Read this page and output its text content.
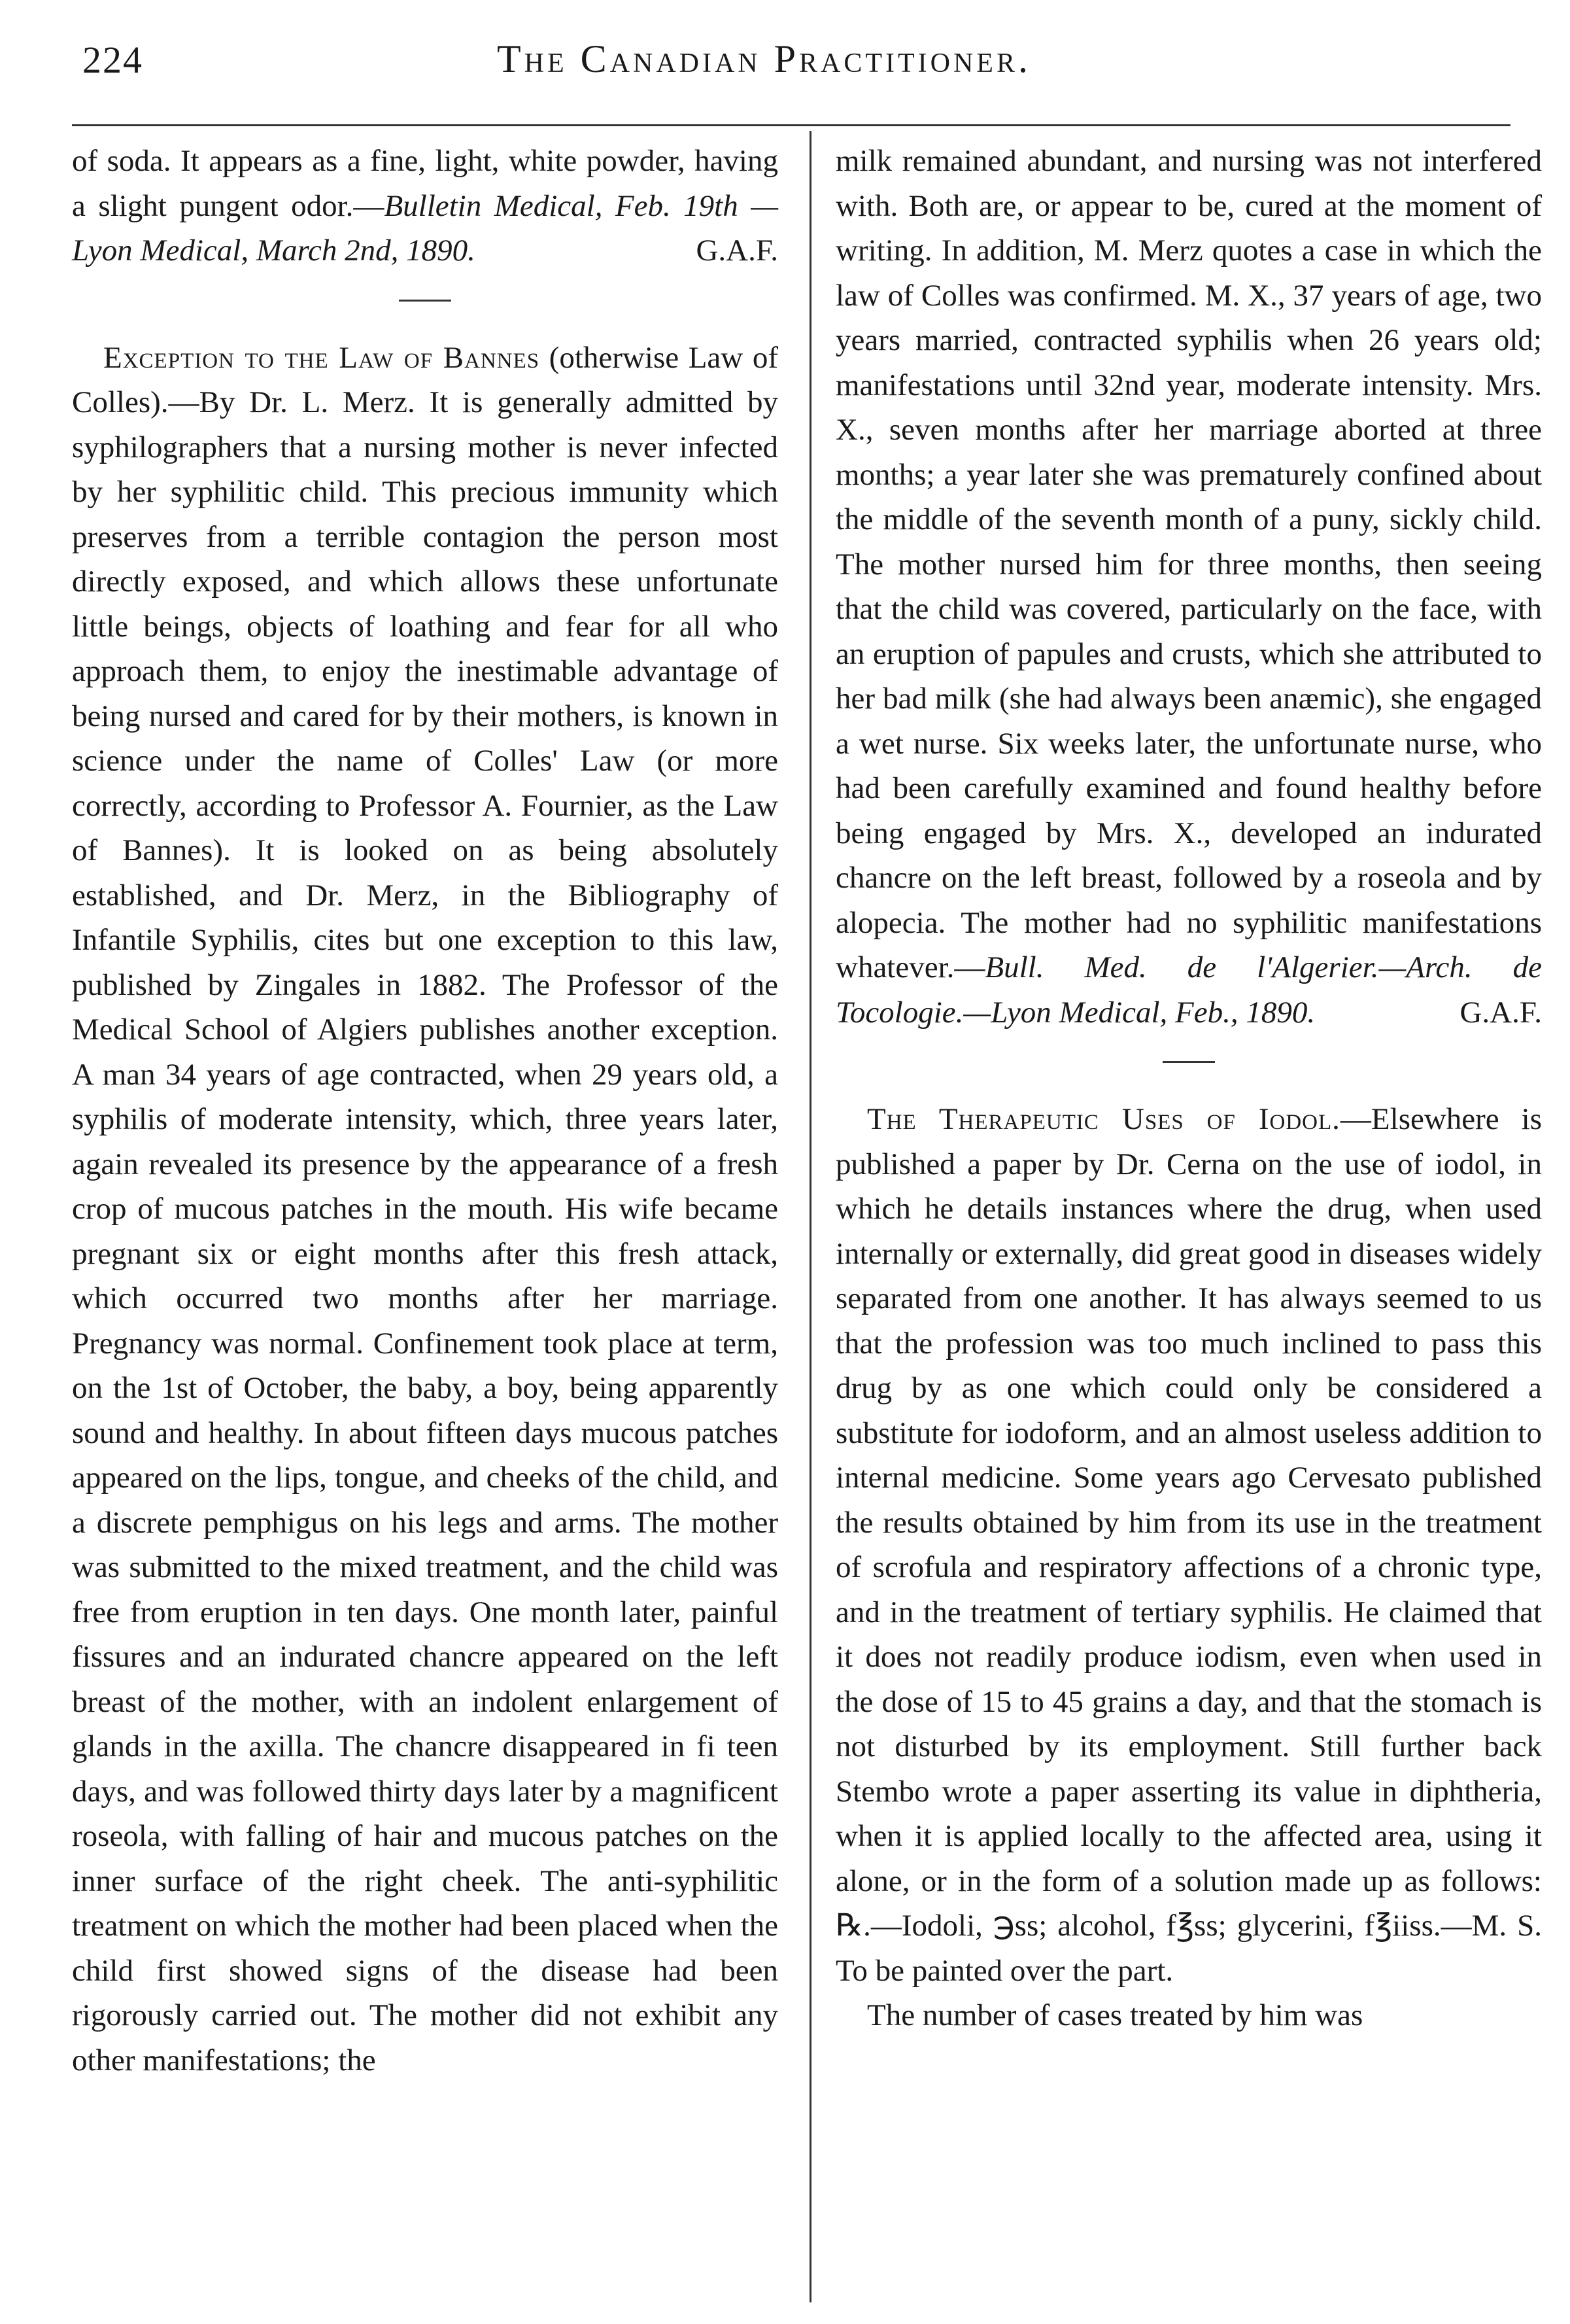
224	The Canadian Practitioner.

of soda. It appears as a fine, light, white powder, having a slight pungent odor.—Bulletin Medical, Feb. 19th — Lyon Medical, March 2nd, 1890.	G.A.F.

Exception to the Law of Bannes (otherwise Law of Colles).—By Dr. L. Merz. It is generally admitted by syphilographers that a nursing mother is never infected by her syphilitic child. This precious immunity which preserves from a terrible contagion the person most directly exposed, and which allows these unfortunate little beings, objects of loathing and fear for all who approach them, to enjoy the inestimable advantage of being nursed and cared for by their mothers, is known in science under the name of Colles' Law (or more correctly, according to Professor A. Fournier, as the Law of Bannes). It is looked on as being absolutely established, and Dr. Merz, in the Bibliography of Infantile Syphilis, cites but one exception to this law, published by Zingales in 1882. The Professor of the Medical School of Algiers publishes another exception. A man 34 years of age contracted, when 29 years old, a syphilis of moderate intensity, which, three years later, again revealed its presence by the appearance of a fresh crop of mucous patches in the mouth. His wife became pregnant six or eight months after this fresh attack, which occurred two months after her marriage. Pregnancy was normal. Confinement took place at term, on the 1st of October, the baby, a boy, being apparently sound and healthy. In about fifteen days mucous patches appeared on the lips, tongue, and cheeks of the child, and a discrete pemphigus on his legs and arms. The mother was submitted to the mixed treatment, and the child was free from eruption in ten days. One month later, painful fissures and an indurated chancre appeared on the left breast of the mother, with an indolent enlargement of glands in the axilla. The chancre disappeared in fi teen days, and was followed thirty days later by a magnificent roseola, with falling of hair and mucous patches on the inner surface of the right cheek. The anti-syphilitic treatment on which the mother had been placed when the child first showed signs of the disease had been rigorously carried out. The mother did not exhibit any other manifestations; the

milk remained abundant, and nursing was not interfered with. Both are, or appear to be, cured at the moment of writing. In addition, M. Merz quotes a case in which the law of Colles was confirmed. M. X., 37 years of age, two years married, contracted syphilis when 26 years old; manifestations until 32nd year, moderate intensity. Mrs. X., seven months after her marriage aborted at three months; a year later she was prematurely confined about the middle of the seventh month of a puny, sickly child. The mother nursed him for three months, then seeing that the child was covered, particularly on the face, with an eruption of papules and crusts, which she attributed to her bad milk (she had always been anæmic), she engaged a wet nurse. Six weeks later, the unfortunate nurse, who had been carefully examined and found healthy before being engaged by Mrs. X., developed an indurated chancre on the left breast, followed by a roseola and by alopecia. The mother had no syphilitic manifestations whatever.—Bull. Med. de l'Algerier.—Arch. de Tocologie.—Lyon Medical, Feb., 1890.	G.A.F.

The Therapeutic Uses of Iodol.—Elsewhere is published a paper by Dr. Cerna on the use of iodol, in which he details instances where the drug, when used internally or externally, did great good in diseases widely separated from one another. It has always seemed to us that the profession was too much inclined to pass this drug by as one which could only be considered a substitute for iodoform, and an almost useless addition to internal medicine. Some years ago Cervesato published the results obtained by him from its use in the treatment of scrofula and respiratory affections of a chronic type, and in the treatment of tertiary syphilis. He claimed that it does not readily produce iodism, even when used in the dose of 15 to 45 grains a day, and that the stomach is not disturbed by its employment. Still further back Stembo wrote a paper asserting its value in diphtheria, when it is applied locally to the affected area, using it alone, or in the form of a solution made up as follows: ℞.—Iodoli, ℈ss; alcohol, f℥ss; glycerini, f℥iiss.—M. S. To be painted over the part.

The number of cases treated by him was
